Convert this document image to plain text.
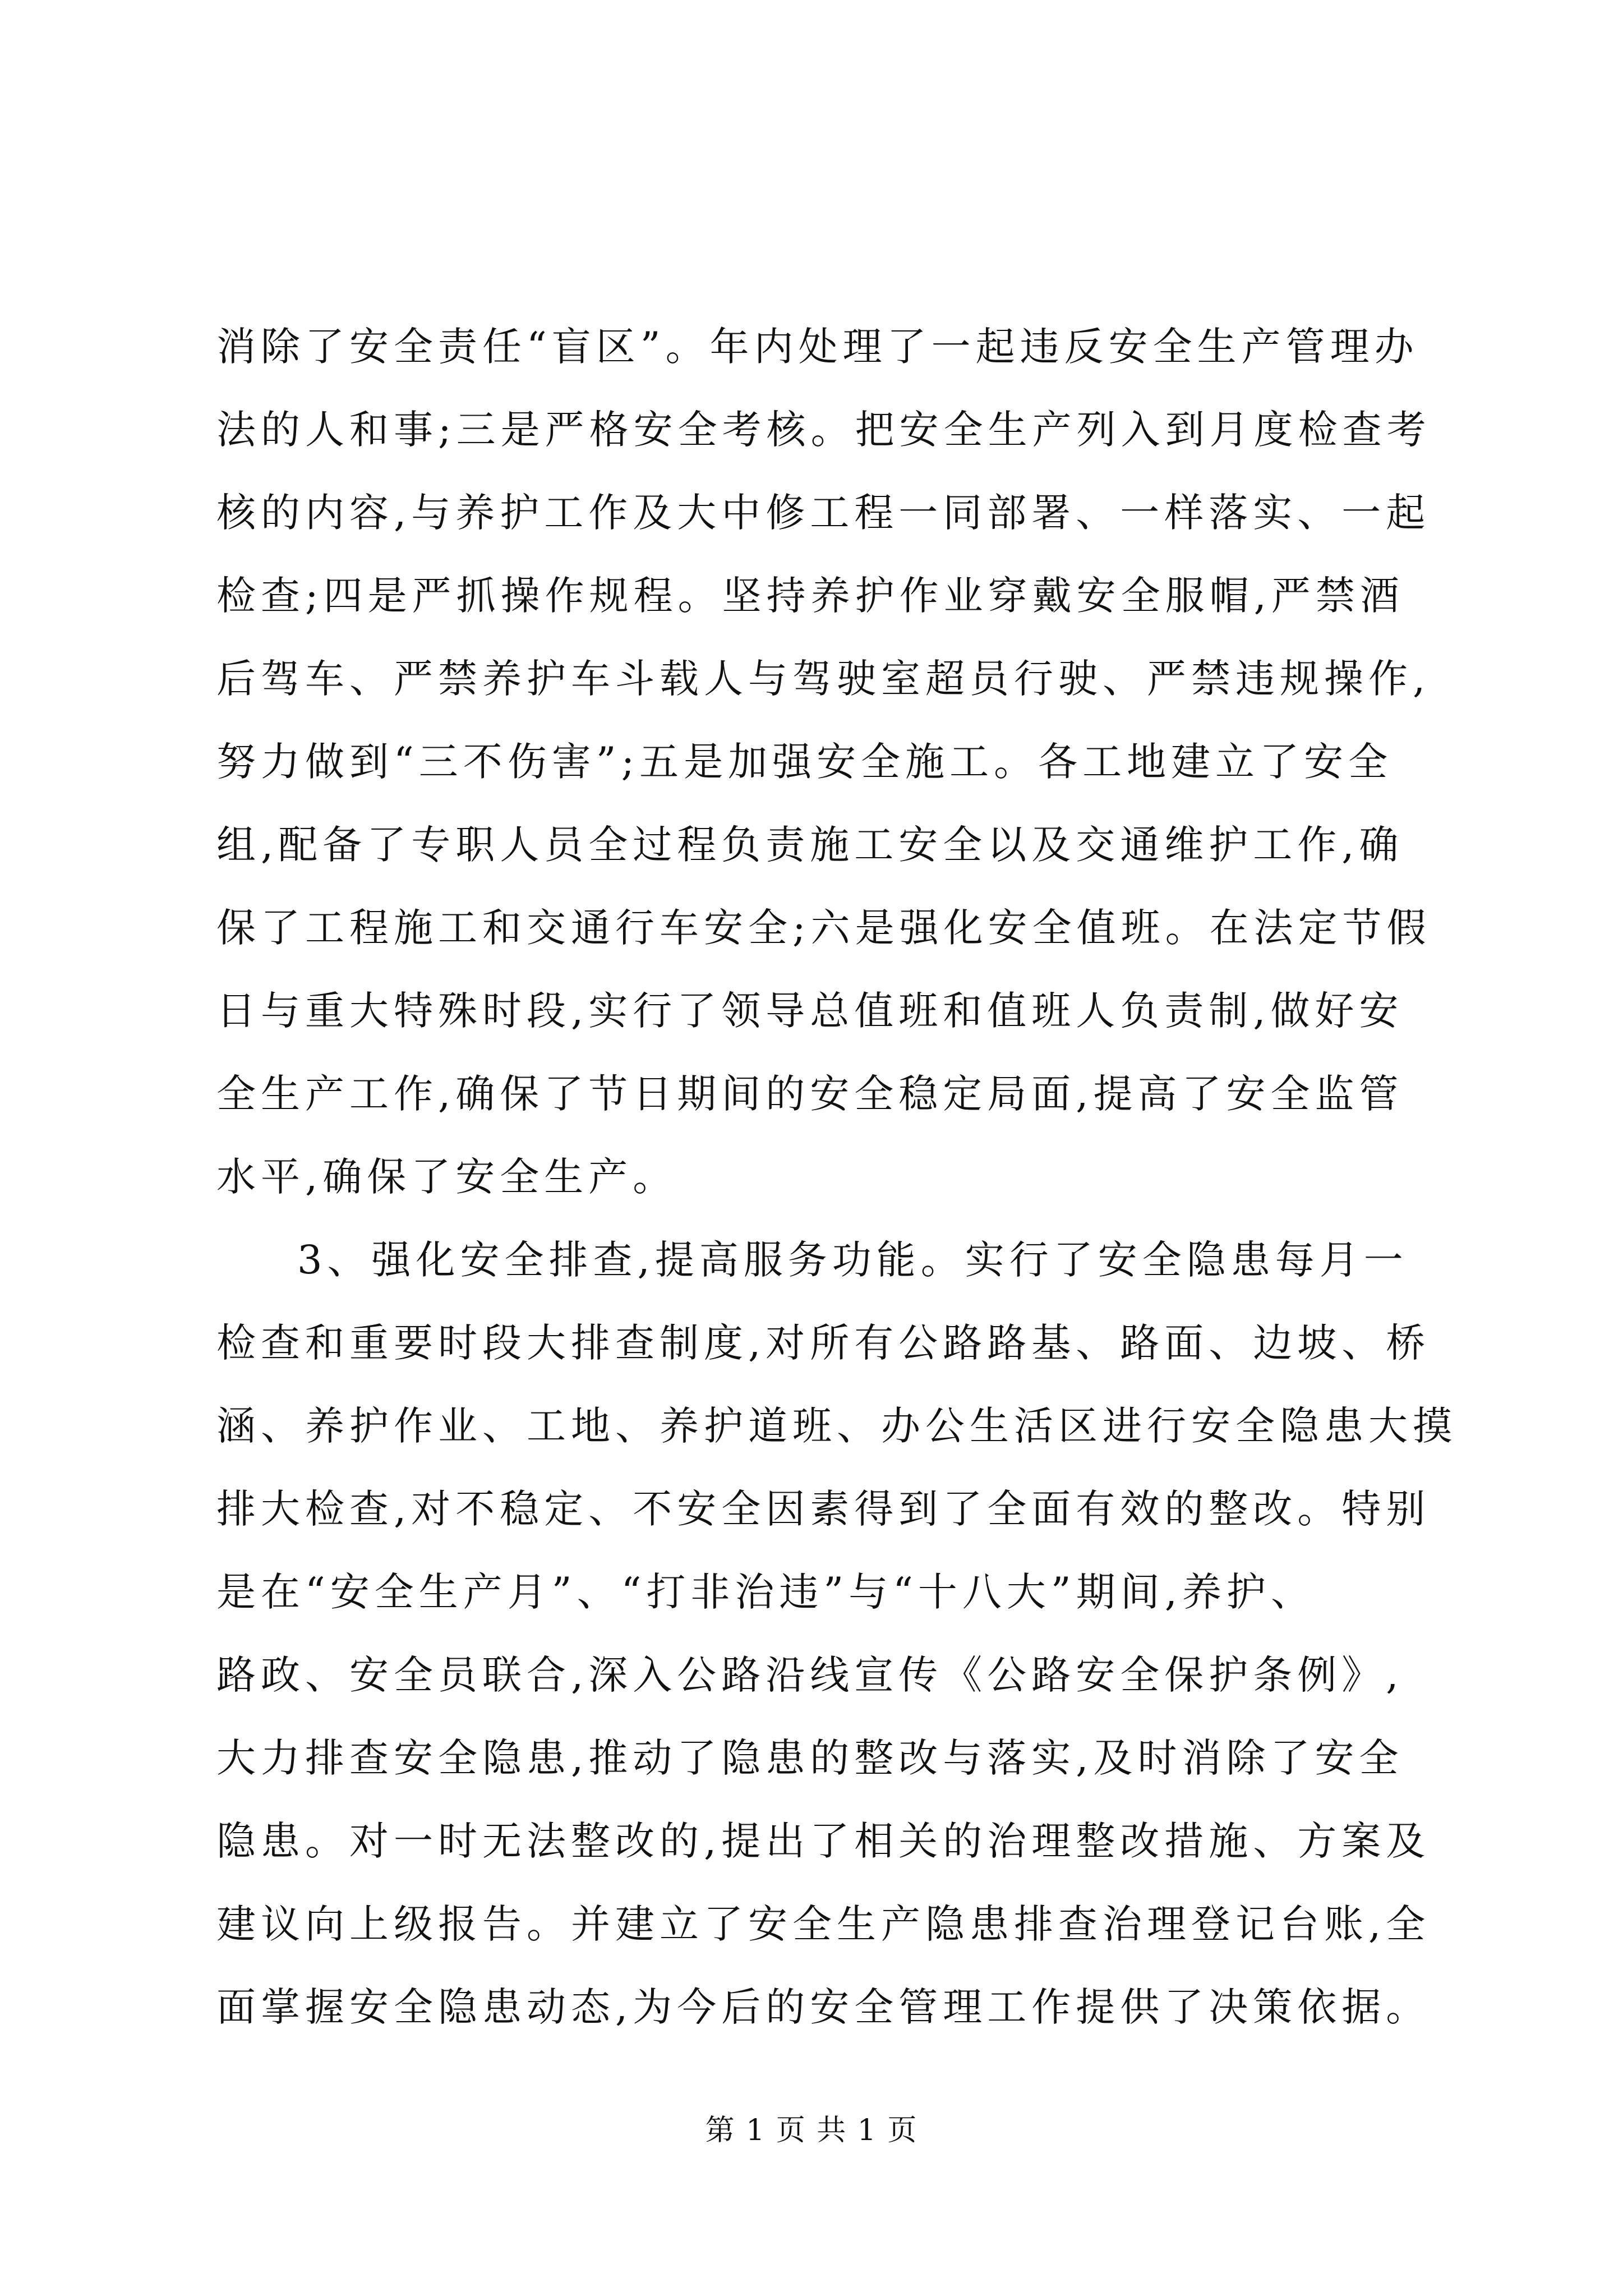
消除了安全责任“盲区”。年内处理了一起违反安全生产管理办
法的人和事;三是严格安全考核。把安全生产列入到月度检查考
核的内容,与养护工作及大中修工程一同部署、一样落实、一起
检查;四是严抓操作规程。坚持养护作业穿戴安全服帽,严禁酒
后驾车、严禁养护车斗载人与驾驶室超员行驶、严禁违规操作,
努力做到“三不伤害”;五是加强安全施工。各工地建立了安全
组,配备了专职人员全过程负责施工安全以及交通维护工作,确
保了工程施工和交通行车安全;六是强化安全值班。在法定节假
日与重大特殊时段,实行了领导总值班和值班人负责制,做好安
全生产工作,确保了节日期间的安全稳定局面,提高了安全监管
水平,确保了安全生产。
3、强化安全排查,提高服务功能。实行了安全隐患每月一
检查和重要时段大排查制度,对所有公路路基、路面、边坡、桥
涵、养护作业、工地、养护道班、办公生活区进行安全隐患大摸
排大检查,对不稳定、不安全因素得到了全面有效的整改。特别
是在“安全生产月”、“打非治违”与“十八大”期间,养护、
路政、安全员联合,深入公路沿线宣传《公路安全保护条例》,
大力排查安全隐患,推动了隐患的整改与落实,及时消除了安全
隐患。对一时无法整改的,提出了相关的治理整改措施、方案及
建议向上级报告。并建立了安全生产隐患排查治理登记台账,全
面掌握安全隐患动态,为今后的安全管理工作提供了决策依据。
第 1 页 共 1 页
